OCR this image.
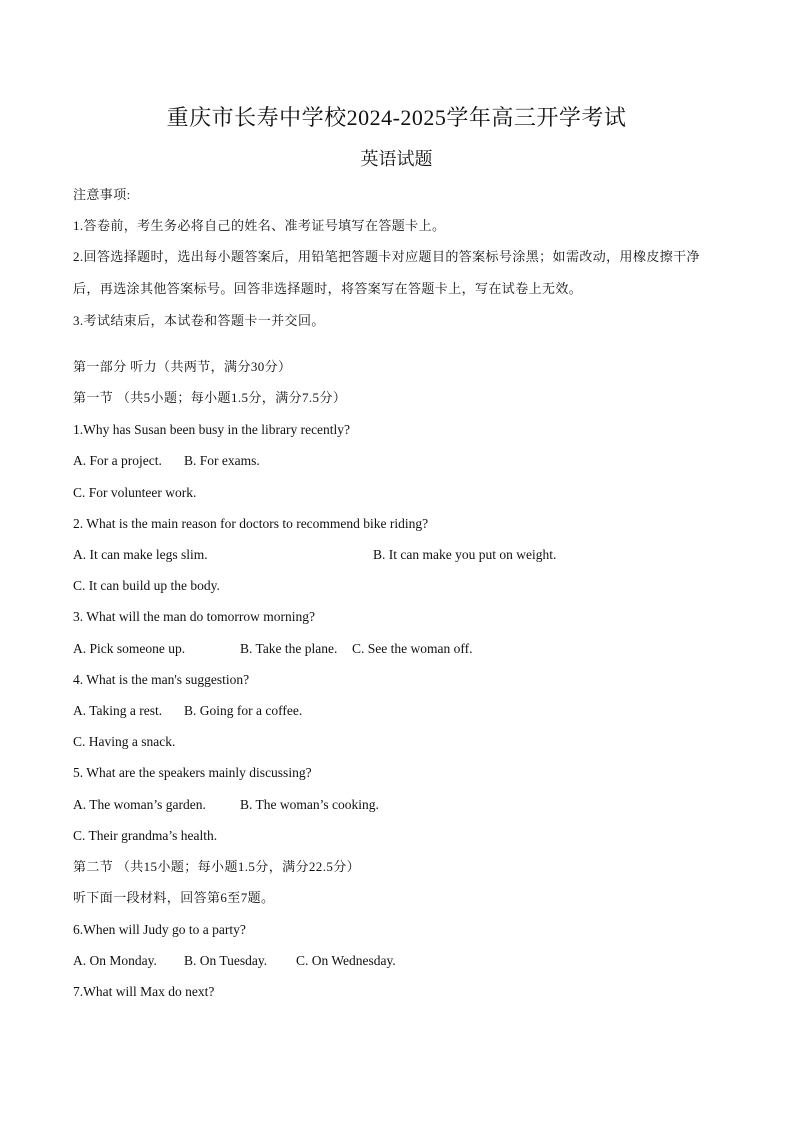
重庆市长寿中学校2024-2025学年高三开学考试
英语试题
注意事项:
1.答卷前，考生务必将自己的姓名、准考证号填写在答题卡上。
2.回答选择题时，选出每小题答案后，用铅笔把答题卡对应题目的答案标号涂黑；如需改动，用橡皮擦干净
后，再选涂其他答案标号。回答非选择题时，将答案写在答题卡上，写在试卷上无效。
3.考试结束后，本试卷和答题卡一并交回。
第一部分 听力（共两节，满分30分）
第一节 （共5小题；每小题1.5分，满分7.5分）
1.Why has Susan been busy in the library recently?
A. For a project. B. For exams.
C. For volunteer work.
2. What is the main reason for doctors to recommend bike riding?
A. It can make legs slim.	B. It can make you put on weight.
C. It can build up the body.
3. What will the man do tomorrow morning?
A. Pick someone up.	B. Take the plane. C. See the woman off.
4. What is the man's suggestion?
A. Taking a rest. B. Going for a coffee.
C. Having a snack.
5. What are the speakers mainly discussing?
A. The woman’s garden.	B. The woman’s cooking.
C. Their grandma’s health.
第二节 （共15小题；每小题1.5分，满分22.5分）
听下面一段材料，回答第6至7题。
6.When will Judy go to a party?
A. On Monday. B. On Tuesday. C. On Wednesday.
7.What will Max do next?
